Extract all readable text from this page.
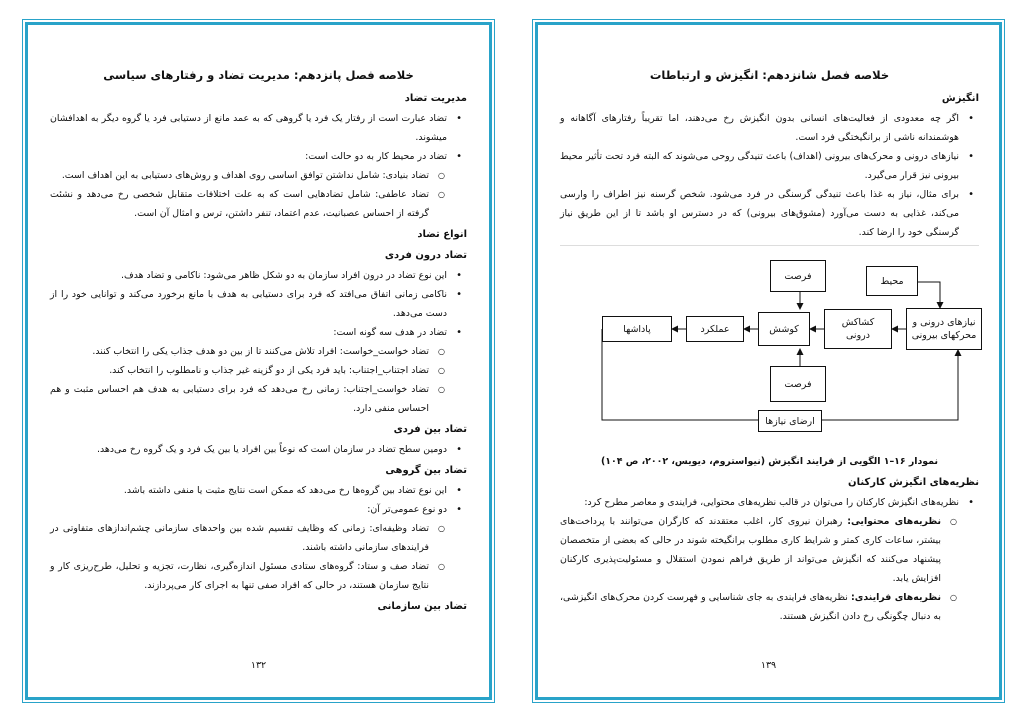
خلاصه فصل پانزدهم: مدیریت تضاد و رفتارهای سیاسی
مدیریت تضاد
• تضاد عبارت است از رفتار یک فرد یا گروهی که به عمد مانع از دستیابی فرد یا گروه دیگر به اهدافشان میشوند.
• تضاد در محیط کار به دو حالت است:
○ تضاد بنیادی: شامل نداشتن توافق اساسی روی اهداف و روش‌های دستیابی به این اهداف است.
○ تضاد عاطفی: شامل تضادهایی است که به علت اختلافات متقابل شخصی رخ می‌دهد و نشئت گرفته از احساس عصبانیت، عدم اعتماد، تنفر داشتن، ترس و امثال آن است.
انواع تضاد
تضاد درون فردی
• این نوع تضاد در درون افراد سازمان به دو شکل ظاهر می‌شود: ناکامی و تضاد هدف.
• ناکامی زمانی اتفاق می‌افتد که فرد برای دستیابی به هدف با مانع برخورد می‌کند و توانایی خود را از دست می‌دهد.
• تضاد در هدف سه گونه است:
○ تضاد خواست_خواست: افراد تلاش می‌کنند تا از بین دو هدف جذاب یکی را انتخاب کنند.
○ تضاد اجتناب_اجتناب: باید فرد یکی از دو گزینه غیر جذاب و نامطلوب را انتخاب کند.
○ تضاد خواست_اجتناب: زمانی رخ می‌دهد که فرد برای دستیابی به هدف هم احساس مثبت و هم احساس منفی دارد.
تضاد بین فردی
• دومین سطح تضاد در سازمان است که نوعاً بین افراد یا بین یک فرد و یک گروه رخ می‌دهد.
تضاد بین گروهی
• این نوع تضاد بین گروه‌ها رخ می‌دهد که ممکن است نتایج مثبت یا منفی داشته باشد.
• دو نوع عمومی‌تر آن:
○ تضاد وظیفه‌ای: زمانی که وظایف تقسیم شده بین واحدهای سازمانی چشم‌اندازهای متفاوتی در فرایندهای سازمانی داشته باشند.
○ تضاد صف و ستاد: گروه‌های ستادی مسئول اندازه‌گیری، نظارت، تجزیه و تحلیل، طرح‌ریزی کار و نتایج سازمان هستند، در حالی که افراد صفی تنها به اجرای کار می‌پردازند.
تضاد بین سازمانی
۱۳۲
خلاصه فصل شانزدهم: انگیزش و ارتباطات
انگیزش
• اگر چه معدودی از فعالیت‌های انسانی بدون انگیزش رخ می‌دهند، اما تقریباً رفتارهای آگاهانه و هوشمندانه ناشی از برانگیختگی فرد است.
• نیازهای درونی و محرک‌های بیرونی (اهداف) باعث تنیدگی روحی می‌شوند که البته فرد تحت تأثیر محیط بیرونی نیز قرار می‌گیرد.
• برای مثال، نیاز به غذا باعث تنیدگی گرسنگی در فرد می‌شود. شخص گرسنه نیز اطراف را وارسی می‌کند، غذایی به دست می‌آورد (مشوق‌های بیرونی) که در دسترس او باشد تا از این طریق نیاز گرسنگی خود را ارضا کند.
محیط
فرصت
نیازهای درونی و
محرکهای بیرونی
کشاکش
درونی
کوشش
عملکرد
پاداشها
فرصت
ارضای نیازها
نمودار ۱۶–۱ الگویی از فرایند انگیزش (نیواستروم، دیویس، ۲۰۰۲، ص ۱۰۴)
نظریه‌های انگیزش کارکنان
• نظریه‌های انگیزش کارکنان را می‌توان در قالب نظریه‌های محتوایی، فرایندی و معاصر مطرح کرد:
○ نظریه‌های محتوایی: رهبران نیروی کار، اغلب معتقدند که کارگران می‌توانند با پرداخت‌های بیشتر، ساعات کاری کمتر و شرایط کاری مطلوب برانگیخته شوند در حالی که بعضی از متخصصان پیشنهاد می‌کنند که انگیزش می‌تواند از طریق فراهم نمودن استقلال و مسئولیت‌پذیری کارکنان افزایش یابد.
○ نظریه‌های فرایندی: نظریه‌های فرایندی به جای شناسایی و فهرست کردن محرک‌های انگیزشی، به دنبال چگونگی رخ دادن انگیزش هستند.
۱۳۹
